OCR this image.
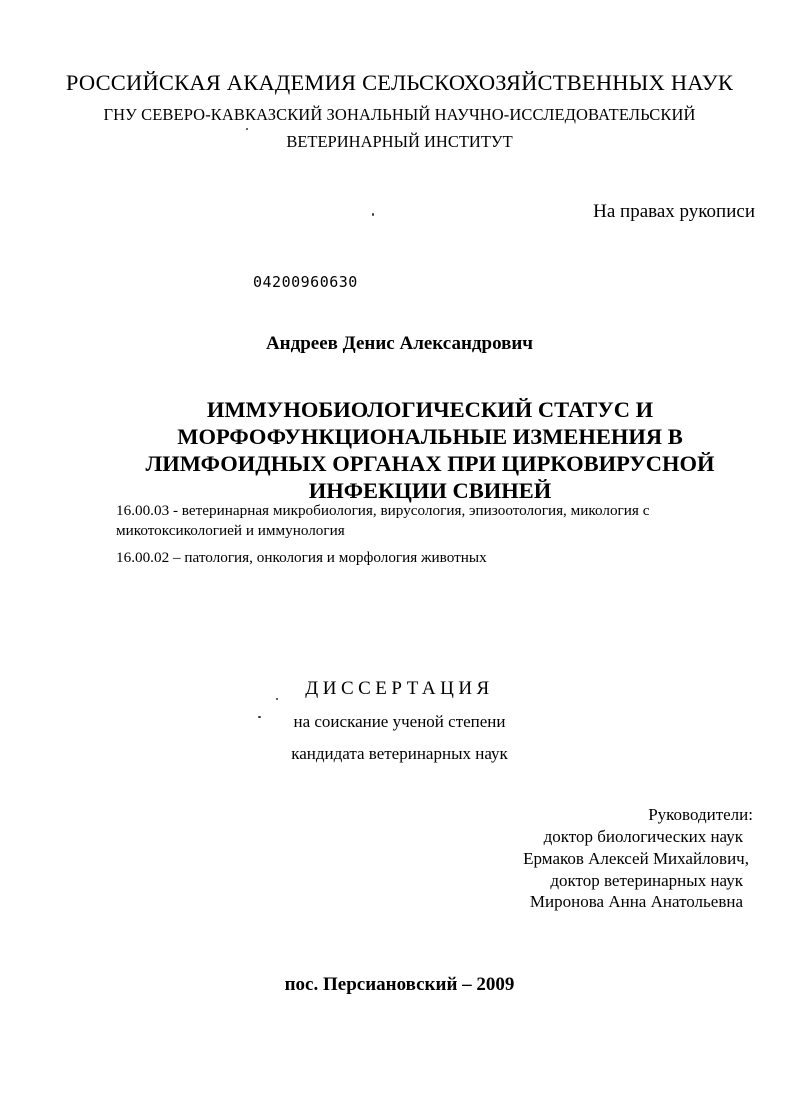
РОССИЙСКАЯ АКАДЕМИЯ СЕЛЬСКОХОЗЯЙСТВЕННЫХ НАУК
ГНУ СЕВЕРО-КАВКАЗСКИЙ ЗОНАЛЬНЫЙ НАУЧНО-ИССЛЕДОВАТЕЛЬСКИЙ
ВЕТЕРИНАРНЫЙ ИНСТИТУТ
На правах рукописи
04200960630
Андреев Денис Александрович
ИММУНОБИОЛОГИЧЕСКИЙ СТАТУС И
МОРФОФУНКЦИОНАЛЬНЫЕ ИЗМЕНЕНИЯ В
ЛИМФОИДНЫХ ОРГАНАХ ПРИ ЦИРКОВИРУСНОЙ
ИНФЕКЦИИ СВИНЕЙ
16.00.03 - ветеринарная микробиология, вирусология, эпизоотология, микология с
микотоксикологией и иммунология
16.00.02 – патология, онкология и морфология животных
ДИССЕРТАЦИЯ
на соискание ученой степени
кандидата ветеринарных наук
Руководители:
доктор биологических наук
Ермаков Алексей Михайлович,
доктор ветеринарных наук
Миронова Анна Анатольевна
пос. Персиановский – 2009
